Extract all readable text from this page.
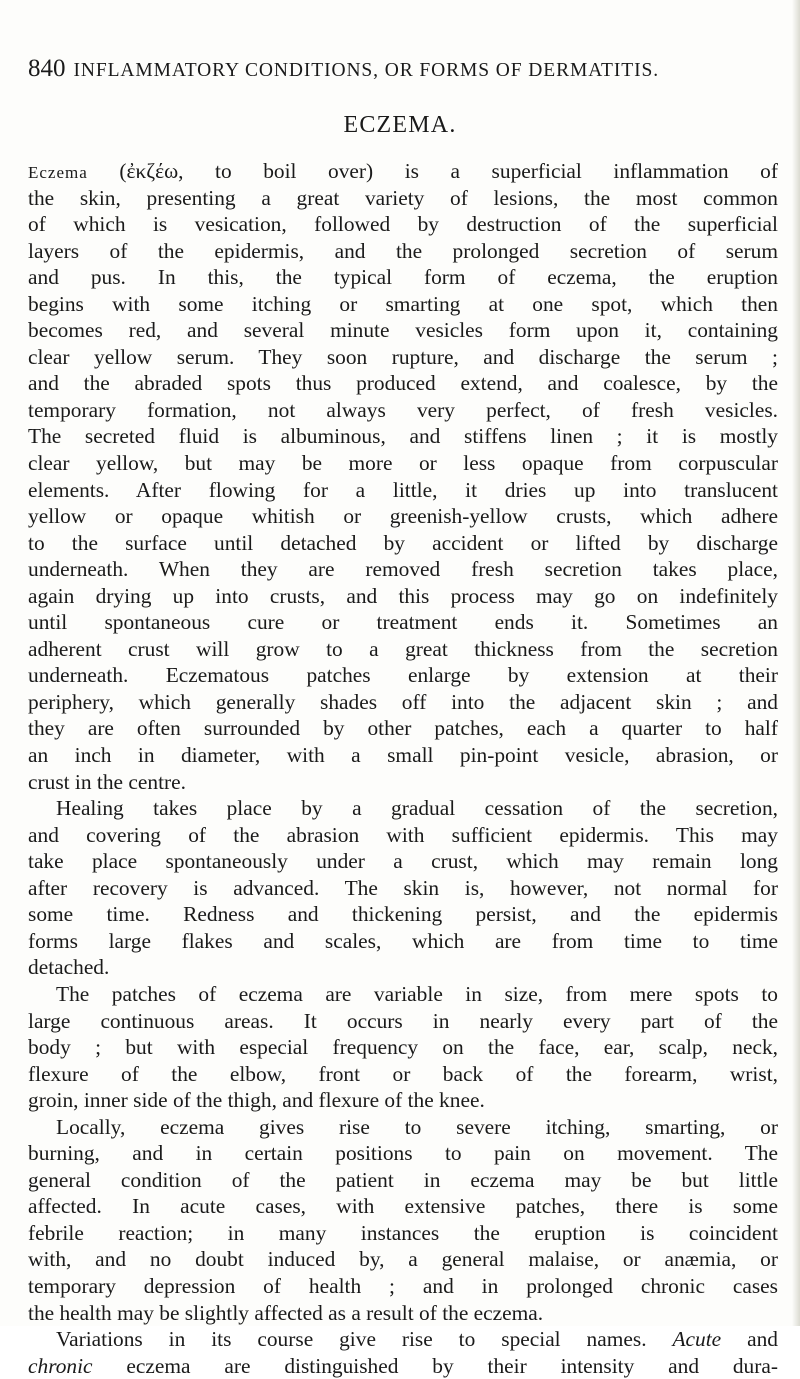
840 INFLAMMATORY CONDITIONS, OR FORMS OF DERMATITIS.
ECZEMA.
Eczema (ἐκζέω, to boil over) is a superficial inflammation of
the skin, presenting a great variety of lesions, the most common
of which is vesication, followed by destruction of the superficial
layers of the epidermis, and the prolonged secretion of serum
and pus. In this, the typical form of eczema, the eruption
begins with some itching or smarting at one spot, which then
becomes red, and several minute vesicles form upon it, containing
clear yellow serum. They soon rupture, and discharge the serum ;
and the abraded spots thus produced extend, and coalesce, by the
temporary formation, not always very perfect, of fresh vesicles.
The secreted fluid is albuminous, and stiffens linen ; it is mostly
clear yellow, but may be more or less opaque from corpuscular
elements. After flowing for a little, it dries up into translucent
yellow or opaque whitish or greenish-yellow crusts, which adhere
to the surface until detached by accident or lifted by discharge
underneath. When they are removed fresh secretion takes place,
again drying up into crusts, and this process may go on indefinitely
until spontaneous cure or treatment ends it. Sometimes an
adherent crust will grow to a great thickness from the secretion
underneath. Eczematous patches enlarge by extension at their
periphery, which generally shades off into the adjacent skin ; and
they are often surrounded by other patches, each a quarter to half
an inch in diameter, with a small pin-point vesicle, abrasion, or
crust in the centre.
Healing takes place by a gradual cessation of the secretion,
and covering of the abrasion with sufficient epidermis. This may
take place spontaneously under a crust, which may remain long
after recovery is advanced. The skin is, however, not normal for
some time. Redness and thickening persist, and the epidermis
forms large flakes and scales, which are from time to time
detached.
The patches of eczema are variable in size, from mere spots to
large continuous areas. It occurs in nearly every part of the
body ; but with especial frequency on the face, ear, scalp, neck,
flexure of the elbow, front or back of the forearm, wrist,
groin, inner side of the thigh, and flexure of the knee.
Locally, eczema gives rise to severe itching, smarting, or
burning, and in certain positions to pain on movement. The
general condition of the patient in eczema may be but little
affected. In acute cases, with extensive patches, there is some
febrile reaction; in many instances the eruption is coincident
with, and no doubt induced by, a general malaise, or anæmia, or
temporary depression of health ; and in prolonged chronic cases
the health may be slightly affected as a result of the eczema.
Variations in its course give rise to special names. Acute and
chronic eczema are distinguished by their intensity and dura-
